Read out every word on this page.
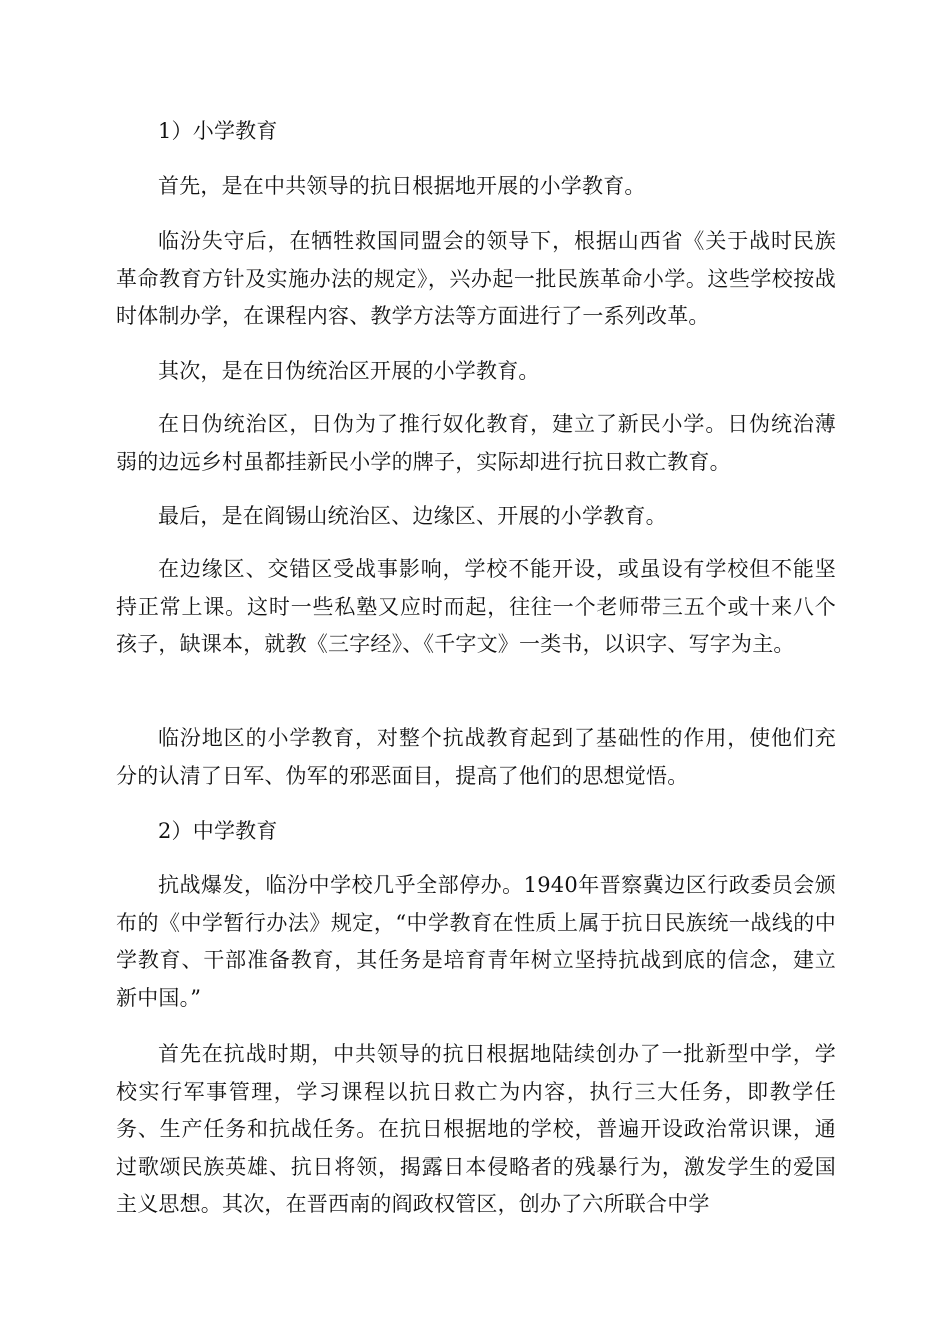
1）小学教育

首先，是在中共领导的抗日根据地开展的小学教育。

临汾失守后，在牺牲救国同盟会的领导下，根据山西省《关于战时民族革命教育方针及实施办法的规定》，兴办起一批民族革命小学。这些学校按战时体制办学，在课程内容、教学方法等方面进行了一系列改革。

其次，是在日伪统治区开展的小学教育。

在日伪统治区，日伪为了推行奴化教育，建立了新民小学。日伪统治薄弱的边远乡村虽都挂新民小学的牌子，实际却进行抗日救亡教育。

最后，是在阎锡山统治区、边缘区、开展的小学教育。

在边缘区、交错区受战事影响，学校不能开设，或虽设有学校但不能坚持正常上课。这时一些私塾又应时而起，往往一个老师带三五个或十来八个孩子，缺课本，就教《三字经》、《千字文》一类书，以识字、写字为主。

临汾地区的小学教育，对整个抗战教育起到了基础性的作用，使他们充分的认清了日军、伪军的邪恶面目，提高了他们的思想觉悟。

2）中学教育

抗战爆发，临汾中学校几乎全部停办。1940年晋察冀边区行政委员会颁布的《中学暂行办法》规定，“中学教育在性质上属于抗日民族统一战线的中学教育、干部准备教育，其任务是培育青年树立坚持抗战到底的信念，建立新中国。”

首先在抗战时期，中共领导的抗日根据地陆续创办了一批新型中学，学校实行军事管理，学习课程以抗日救亡为内容，执行三大任务，即教学任务、生产任务和抗战任务。在抗日根据地的学校，普遍开设政治常识课，通过歌颂民族英雄、抗日将领，揭露日本侵略者的残暴行为，激发学生的爱国主义思想。其次，在晋西南的阎政权管区，创办了六所联合中学
